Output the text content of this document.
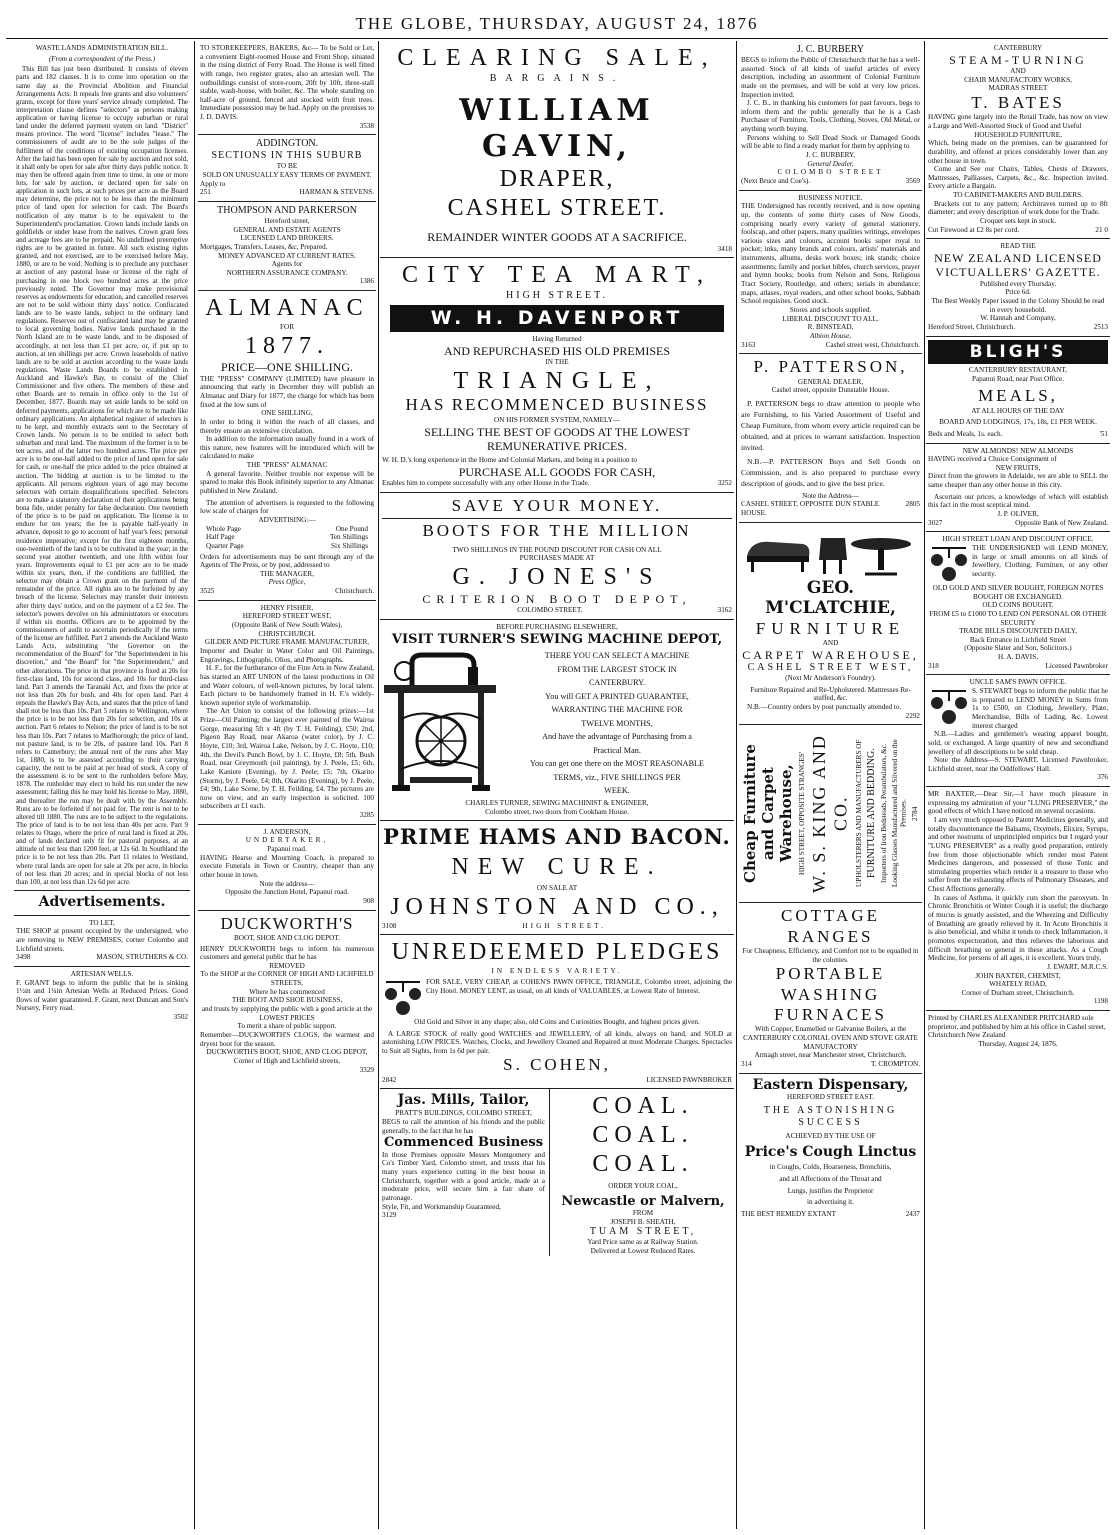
THE GLOBE, THURSDAY, AUGUST 24, 1876
WASTE LANDS ADMINISTRATION BILL.
(From a correspondent of the Press.)
This Bill has just been distributed. It consists of eleven parts and 182 clauses. It is to come into operation on the same day as the Provincial Abolition and Financial Arrangements Acts. It repeals free grants and also volunteers' grants, except for three years' service already completed. The interpretation clause defines "selectors" as persons making application or having license to occupy suburban or rural land under the deferred payment system on land. "District" means province. The word "license" includes "lease." The commissioners of audit are to be the sole judges of the fulfilment of the conditions of existing occupation licenses. After the land has been open for sale by auction and not sold, it shall only be open for sale after thirty days public notice. It may then be offered again from time to time, in one or more lots, for sale by auction, or declared open for sale on application in such lots, at such prices per acre as the Board may determine, the price not to be less than the minimum price of land open for selection for cash. The Board's notification of any matter is to be equivalent to the Superintendent's proclamation. Crown lands include lands on goldfields or under lease from the natives. Crown grant fees and acreage fees are to be prepaid. No undefined preemptive rights are to be granted in future. All such existing rights granted, and not exercised, are to be exercised before May, 1880, or are to be void. Nothing is to preclude any purchaser at auction of any pastoral lease or license of the right of purchasing in one block two hundred acres at the price previously noted. The Governor may make provisional reserves as endowments for education, and cancelled reserves are not to be sold without thirty days' notice. Confiscated lands are to be waste lands, subject to the ordinary land regulations. Reserves out of confiscated land may be granted to local governing bodies. Native lands purchased in the North Island are to be waste lands, and to be disposed of accordingly, at not less than £1 per acre, or, if put up to auction, at ten shillings per acre. Crown leaseholds of native lands are to be sold at auction according to the waste lands regulations. Waste Lands Boards to be established in Auckland and Hawke's Bay, to consist of the Chief Commissioner and five others. The members of these and other Boards are to remain in office only to the 1st of December, 1877. Boards may set aside lands to be sold on deferred payments, applications for which are to be made like ordinary applications. An alphabetical register of selectors is to be kept, and monthly extracts sent to the Secretary of Crown lands. No person is to be entitled to select both suburban and rural land. The maximum of the former is to be ten acres, and of the latter two hundred acres. The price per acre is to be one-half added to the price of land open for sale for cash, or one-half the price added to the price obtained at auction. The bidding at auction is to be limited to the applicants. All persons eighteen years of age may become selectors with certain disqualifications specified. Selectors are to make a statutory declaration of their applications being bona fide, under penalty for false declaration. One twentieth of the price is to be paid on application. The license is to endure for ten years; the fee is payable half-yearly in advance, deposit to go to account of half year's fees; personal residence imperative; except for the first eighteen months, one-twentieth of the land is to be cultivated in the year; in the second year another twentieth, and one fifth within four years. Improvements equal to £1 per acre are to be made within six years, then, if the conditions are fulfilled, the selector may obtain a Crown grant on the payment of the remainder of the price. All rights are to be forfeited by any breach of the license. Selectors may transfer their interests after thirty days' notice, and on the payment of a £2 fee. The selector's powers devolve on his administrators or executors if within six months. Officers are to be appointed by the commissioners of audit to ascertain periodically if the terms of the license are fulfilled. Part 2 amends the Auckland Waste Lands Acts, substituting "the Governor on the recommendation of the Board" for "the Superintendent in his discretion," and "the Board" for "the Superintendent," and other alterations. The price in that province is fixed at 20s for first-class land, 10s for second class, and 10s for third-class land. Part 3 amends the Taranaki Act, and fixes the price at not less than 20s for bush, and 40s for open land. Part 4 repeals the Hawke's Bay Acts, and states that the price of land shall not be less than 10s. Part 5 relates to Wellington, where the price is to be not less than 20s for selection, and 10s at auction. Part 6 relates to Nelson; the price of land is to be not less than 10s. Part 7 relates to Marlborough; the price of land, not pasture land, is to be 20s, of pasture land 10s. Part 8 refers to Canterbury; the annual rent of the runs after May 1st, 1880, is to be assessed according to their carrying capacity, the rent to be paid at per head of stock. A copy of the assessment is to be sent to the runholders before May, 1878. The runholder may elect to hold his run under the new assessment; failing this he may hold his license to May, 1880, and thereafter the run may be dealt with by the Assembly. Runs are to be forfeited if not paid for. The rent is not to be altered till 1880. The runs are to be subject to the regulations. The price of land is to be not less than 40s per acre. Part 9 relates to Otago, where the price of rural land is fixed at 20s, and of lands declared only fit for pastoral purposes, at an altitude of not less than 1200 feet, at 12s 6d. In Southland the price is to be not less than 20s. Part 11 relates to Westland, where rural lands are open for sale at 20s per acre, in blocks of not less than 20 acres; and in special blocks of not less than 100, at not less than 12s 6d per acre.
Advertisements.
TO LET,
THE SHOP at present occupied by the undersigned, who are removing to NEW PREMISES, corner Colombo and Lichfield streets.
3498	MASON, STRUTHERS & CO.
ARTESIAN WELLS.
F. GRANT begs to inform the public that he is sinking 1½in and 1¼in Artesian Wells at Reduced Prices. Good flows of water guaranteed. F. Grant, next Duncan and Son's Nursery, Ferry road.
3502
TO STOREKEEPERS, BAKERS, &c— To be Sold or Let, a convenient Eight-roomed House and Front Shop, situated in the rising district of Ferry Road. The House is well fitted with range, two register grates, also an artesian well. The outbuildings consist of store-room, 20ft by 10ft, three-stall stable, wash-house, with boiler, &c. The whole standing on half-acre of ground, fenced and stocked with fruit trees. Immediate possession may be had. Apply on the premises to J. D. DAVIS.
3538
ADDINGTON.
SECTIONS IN THIS SUBURB
TO BE
SOLD ON UNUSUALLY EASY TERMS OF PAYMENT.
Apply to
251	HARMAN & STEVENS.
THOMPSON AND PARKERSON
Hereford street,
GENERAL AND ESTATE AGENTS
LICENSED LAND BROKERS.
Mortgages, Transfers, Leases, &c, Prepared.
MONEY ADVANCED AT CURRENT RATES.
Agents for
NORTHERN ASSURANCE COMPANY.
1386
ALMANAC
FOR
1877.
PRICE—ONE SHILLING.
THE "PRESS" COMPANY (LIMITED) have pleasure in announcing that early in December they will publish an Almanac and Diary for 1877, the charge for which has been fixed at the low sum of
ONE SHILLING,
In order to bring it within the reach of all classes, and thereby ensure an extensive circulation.
In addition to the information usually found in a work of this nature, new features will be introduced which will be calculated to make
THE "PRESS" ALMANAC
A general favorite. Neither trouble nor expense will be spared to make this Book infinitely superior to any Almanac published in New Zealand.
The attention of advertisers is requested to the following low scale of charges for
ADVERTISING:—
Whole Page	One Pound
Half Page	Ten Shillings
Quarter Page	Six Shillings
Orders for advertisements may be sent through any of the Agents of The Press, or by post, addressed to
THE MANAGER,
Press Office,
3525	Christchurch.
HENRY FISHER,
HEREFORD STREET WEST,
(Opposite Bank of New South Wales),
CHRISTCHURCH.
GILDER AND PICTURE FRAME MANUFACTURER,
Importer and Dealer in Water Color and Oil Paintings, Engravings, Lithographs, Olios, and Photographs.
H. F., for the furtherance of the Fine Arts in New Zealand, has started an ART UNION of the latest productions in Oil and Water colours, of well-known pictures, by local talent. Each picture to be handsomely framed in H. F.'s widely-known superior style of workmanship.
The Art Union to consist of the following prizes:—1st Prize—Oil Painting; the largest ever painted of the Wairoa Gorge, measuring 5ft x 4ft (by T. H. Feilding), £50; 2nd, Pigeon Bay Road, near Akaroa (water color), by J. C. Hoyte, £10; 3rd, Wairoa Lake, Nelson, by J. C. Hoyte, £10; 4th, the Devil's Punch Bowl, by J. C. Hoyte, £8; 5th, Bush Road, near Greymouth (oil painting), by J. Peele, £5; 6th, Lake Kaniere (Evening), by J. Peele; £5; 7th, Okarito (Storm), by J. Peele, £4; 8th, Okarito (Evening), by J. Peele, £4; 9th, Lake Scene, by T. H. Feilding, £4. The pictures are now on view, and an early inspection is solicited. 100 subscribers at £1 each.
3285
J. ANDERSON,
UNDERTAKER,
Papanui road.
HAVING Hearse and Mourning Coach, is prepared to execute Funerals in Town or Country, cheaper than any other house in town.
Note the address—
Opposite the Junction Hotel, Papanui road.
908
DUCKWORTH'S
BOOT, SHOE AND CLOG DEPOT.
HENRY DUCKWORTH begs to inform his numerous customers and general public that he has
REMOVED
To the SHOP at the CORNER OF HIGH AND LICHFIELD STREETS,
Where he has commenced
THE BOOT AND SHOE BUSINESS,
and trusts by supplying the public with a good article at the
LOWEST PRICES
To merit a share of public support.
Remember—DUCKWORTH'S CLOGS, the warmest and dryest boot for the season.
DUCKWORTH'S BOOT, SHOE, AND CLOG DEPOT,
Corner of High and Lichfield streets,
3329
CLEARING SALE,
BARGAINS.
WILLIAM GAVIN,
DRAPER,
CASHEL STREET.
REMAINDER WINTER GOODS AT A SACRIFICE.
3418
CITY TEA MART,
HIGH STREET.
W. H. DAVENPORT
Having Returned
AND REPURCHASED HIS OLD PREMISES
IN THE
TRIANGLE,
HAS RECOMMENCED BUSINESS
ON HIS FORMER SYSTEM, NAMELY—
SELLING THE BEST OF GOODS AT THE LOWEST
REMUNERATIVE PRICES.
W. H. D.'s long experience in the Home and Colonial Markets, and being in a position to
PURCHASE ALL GOODS FOR CASH,
Enables him to compete successfully with any other House in the Trade.	3252
SAVE YOUR MONEY.
BOOTS FOR THE MILLION
TWO SHILLINGS IN THE POUND DISCOUNT FOR CASH ON ALL
PURCHASES MADE AT
G. JONES'S
CRITERION BOOT DEPOT,
COLOMBO STREET.	3162
BEFORE PURCHASING ELSEWHERE,
VISIT TURNER'S SEWING MACHINE DEPOT,
THERE YOU CAN SELECT A MACHINE
FROM THE LARGEST STOCK IN
CANTERBURY.
You will GET A PRINTED GUARANTEE,
WARRANTING THE MACHINE FOR
TWELVE MONTHS,
And have the advantage of Purchasing from a
Practical Man.
You can get one there on the MOST REASONABLE
TERMS, viz., FIVE SHILLINGS PER
WEEK.
CHARLES TURNER, SEWING MACHINIST & ENGINEER,
Colombo street, two doors from Cookham House.
PRIME HAMS AND BACON.
NEW CURE.
ON SALE AT
JOHNSTON AND CO.,
3108	HIGH STREET.
UNREDEEMED PLEDGES
IN ENDLESS VARIETY.
FOR SALE, VERY CHEAP, at COHEN'S PAWN OFFICE, TRIANGLE, Colombo street, adjoining the City Hotel. MONEY LENT, as usual, on all kinds of VALUABLES, at Lowest Rate of Interest.
Old Gold and Silver in any shape; also, old Coins and Curiosities Bought, and highest prices given.
A LARGE STOCK of really good WATCHES and JEWELLERY, of all kinds, always on hand, and SOLD at astonishing LOW PRICES. Watches, Clocks, and Jewellery Cleaned and Repaired at most Moderate Charges. Spectacles to Suit all Sights, from 1s 6d per pair.
S. COHEN,
2842	LICENSED PAWNBROKER
Jas. Mills, Tailor,
PRATT'S BUILDINGS, COLOMBO STREET,
BEGS to call the attention of his friends and the public generally, to the fact that he has
Commenced Business
In those Premises opposite Messrs Montgomery and Co's Timber Yard, Colombo street, and trusts that his many years experience cutting in the best house in Christchurch, together with a good article, made at a moderate price, will secure him a fair share of patronage.
Style, Fit, and Workmanship Guaranteed,
3129
COAL. COAL.
COAL.
ORDER YOUR COAL,
Newcastle or Malvern,
FROM
JOSEPH B. SHEATH,
TUAM STREET,
Yard Price same as at Railway Station.
Delivered at Lowest Reduced Rates.
J. C. BURBERY
BEGS to inform the Public of Christchurch that he has a well-assorted Stock of all kinds of useful articles of every description, including an assortment of Colonial Furniture made on the premises, and will be sold at very low prices. Inspection invited.
J. C. B., in thanking his customers for past favours, begs to inform them and the public generally that he is a Cash Purchaser of Furniture, Tools, Clothing, Stoves, Old Metal, or anything worth buying.
Persons wishing to Sell Dead Stock or Damaged Goods will be able to find a ready market for them by applying to
J. C. BURBERY,
General Dealer,
COLOMBO STREET
(Next Bruce and Coe's).	3569
BUSINESS NOTICE.
THE Undersigned has recently received, and is now opening up, the contents of some thirty cases of New Goods, comprising nearly every variety of general stationery, foolscap, and other papers, many qualities writings, envelopes various sizes and colours, account books super royal to pocket; inks, many brands and colours, artists' materials and instruments, albums, desks work boxes; ink stands; choice assortments; family and pocket bibles, church services, prayer and hymn books; books from Nelson and Sons, Religious Tract Society, Routledge, and others; serials in abundance; maps, atlases, royal readers, and other school books, Sabbath School requisites. Good stock.
Stores and schools supplied.
LIBERAL DISCOUNT TO ALL.
R. BINSTEAD,
Albion House,
3163	Cashel street west, Christchurch.
P. PATTERSON,
GENERAL DEALER,
Cashel street, opposite Dunstable House.
P. PATTERSON begs to draw attention to people who are Furnishing, to his Varied Assortment of Useful and Cheap Furniture, from whom every article required can be obtained, and at prices to warrant satisfaction. Inspection invited.
N.B.—P. PATTERSON Buys and Sell Goods on Commission, and is also prepared to purchase every description of goods, and to give the best price.
Note the Address—
CASHEL STREET, OPPOSITE DUN STABLE HOUSE.
2805
GEO. M'CLATCHIE,
FURNITURE
AND
CARPET WAREHOUSE,
CASHEL STREET WEST,
(Next Mr Anderson's Foundry).
Furniture Repaired and Re-Upholstered. Mattresses Re-stuffed, &c.
N.B.—Country orders by post punctually attended to.
2292
Cheap Furniture and Carpet Warehouse, HIGH STREET, OPPOSITE STRANGES' W. S. KING AND CO. UPHOLSTERERS AND MANUFACTURERS OF FURNITURE AND BEDDING. Importers of Iron Bedsteads, Perambulators, &c. Looking Glasses Manufactured and Silvered on the Premises. 2784
COTTAGE RANGES
For Cheapness, Efficiency, and Comfort not to be equalled in the colonies.
PORTABLE WASHING
FURNACES
With Copper, Enamelled or Galvanise Boilers, at the
CANTERBURY COLONIAL OVEN AND STOVE GRATE MANUFACTORY
Armagh street, near Manchester street, Christchurch.
314	T. CROMPTON.
Eastern Dispensary,
HEREFORD STREET EAST.
THE ASTONISHING SUCCESS
ACHIEVED BY THE USE OF
Price's Cough Linctus
in Coughs, Colds, Hoarseness, Bronchitis,
and all Affections of the Throat and
Lungs, justifies the Proprietor
in advertising it.
THE BEST REMEDY EXTANT	2437
CANTERBURY
STEAM-TURNING
AND
CHAIR MANUFACTORY WORKS,
MADRAS STREET
T. BATES
HAVING gone largely into the Retail Trade, has now on view a Large and Well-Assorted Stock of Good and Useful
HOUSEHOLD FURNITURE,
Which, being made on the premises, can be guaranteed for durability, and offered at prices considerably lower than any other house in town.
Come and See our Chairs, Tables, Chests of Drawers, Mattresses, Palliasses, Carpets, &c., &c. Inspection invited. Every article a Bargain.
TO CABINET-MAKERS AND BUILDERS.
Brackets cut to any pattern; Architraves turned up to 8ft diameter; and every description of work done for the Trade.
Croquet sets kept in stock.
Cut Firewood at £2 8s per cord.	21 0
READ THE
NEW ZEALAND LICENSED VICTUALLERS' GAZETTE.
Published every Thursday.
Price 6d.
The Best Weekly Paper issued in the Colony Should be read in every household.
W. Hannah and Company,
Hereford Street, Christchurch.	2513
BLIGH'S
CANTERBURY RESTAURANT,
Papanui Road, near Post Office.
MEALS,
AT ALL HOURS OF THE DAY
BOARD AND LODGINGS, 17s, 18s, £1 PER WEEK.
Beds and Meals, 1s. each.	'51
NEW ALMONDS! NEW ALMONDS
HAVING received a Choice Consignment of
NEW FRUITS,
Direct from the growers in Adelaide, we are able to SELL the same cheaper than any other house in this city.
Ascertain our prices, a knowledge of which will establish this fact in the most sceptical mind.
J. P. OLIVER,
3027	Opposite Bank of New Zealand.
HIGH STREET LOAN AND DISCOUNT OFFICE.
THE UNDERSIGNED will LEND MONEY, in large or small amounts on all kinds of Jewellery, Clothing, Furniture, or any other security.
OLD GOLD AND SILVER BOUGHT, FOREIGN NOTES BOUGHT OR EXCHANGED.
OLD COINS BOUGHT.
FROM £5 to £1000 TO LEND ON PERSONAL OR OTHER SECURITY
TRADE BILLS DISCOUNTED DAILY,
Back Entrance in Lichfield Street
(Opposite Slater and Son, Solicitors.)
H. A. DAVIS,
318	Licensed Pawnbroker
UNCLE SAM'S PAWN OFFICE.
S. STEWART begs to inform the public that he is prepared to LEND MONEY in Sums from 1s to £500, on Clothing, Jewellery, Plate, Merchandise, Bills of Lading, &c. Lowest interest charged
N.B.—Ladies and gentlemen's wearing apparel bought, sold, or exchanged. A large quantity of new and secondhand jewellery of all descriptions to be sold cheap.
Note the Address—S. STEWART, Licensed Pawnbroker, Lichfield street, near the Oddfellows' Hall.
376
MR BAXTER,—Dear Sir,—I have much pleasure in expressing my admiration of your "LUNG PRESERVER," the good effects of which I have noticed on several occasions.
I am very much opposed to Patent Medicines generally, and totally discountenance the Balsams, Oxymels, Elixirs, Syrups, and other nostrums of unprincipled empirics but I regard your "LUNG PRESERVER" as a really good preparation, entirely free from those objectionable which render most Patent Medicines dangerous, and possessed of those Tonic and stimulating properties which render it a treasure to those who suffer from the exhausting effects of Pulmonary Diseases, and Chest Affections generally.
In cases of Asthma, it quickly cuts short the paroxysm. In Chronic Bronchitis or Winter Cough it is useful; the discharge of mucus is greatly assisted, and the Wheezing and Difficulty of Breathing are greatly relieved by it. In Acute Bronchitis it is also beneficial, and whilst it tends to check Inflammation, it promotes expectoration, and thus relieves the laborious and difficult breathing so general in these attacks. As a Cough Medicine, for persons of all ages, it is excellent. Yours truly,
J. EWART, M.R.C.S.
JOHN BAXTER, CHEMIST,
WHATELY ROAD,
Corner of Durham street, Christchurch.
1198
Printed by CHARLES ALEXANDER PRITCHARD sole proprietor, and published by him at his office in Cashel street, Christchurch New Zealand
Thursday, August 24, 1876.
